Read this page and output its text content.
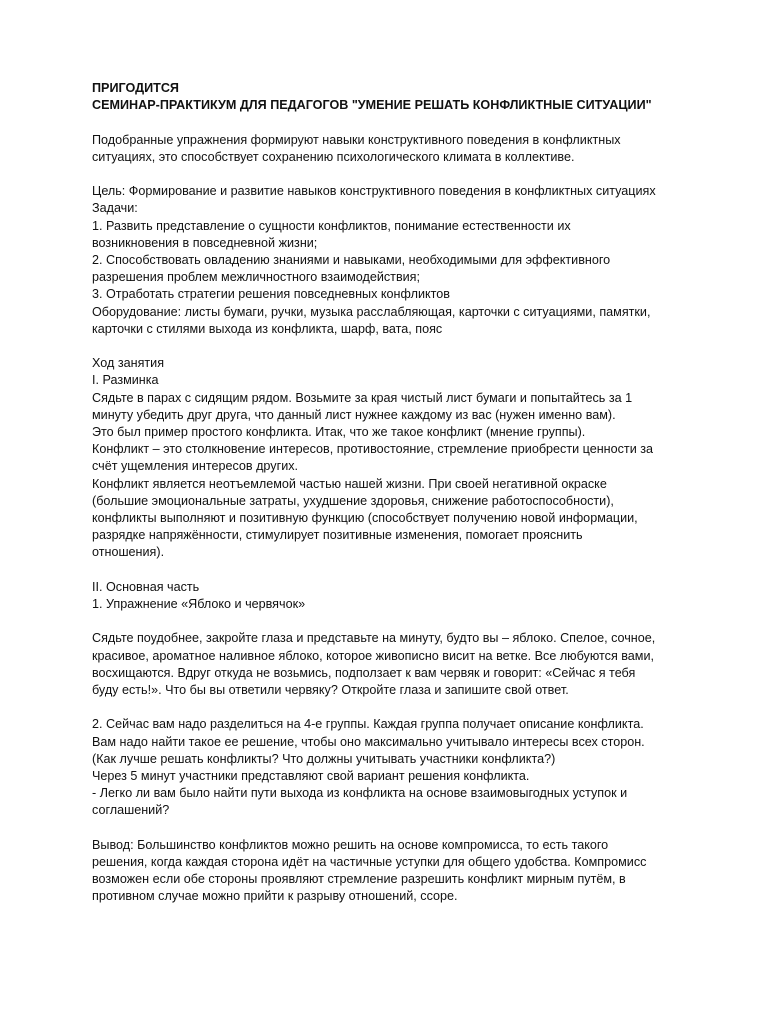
ПРИГОДИТСЯ
СЕМИНАР-ПРАКТИКУМ ДЛЯ ПЕДАГОГОВ "УМЕНИЕ РЕШАТЬ КОНФЛИКТНЫЕ СИТУАЦИИ"
Подобранные упражнения формируют навыки конструктивного поведения в конфликтных
ситуациях, это способствует сохранению психологического климата в коллективе.
Цель: Формирование и развитие навыков конструктивного поведения в конфликтных ситуациях
Задачи:
1. Развить представление о сущности конфликтов, понимание естественности их
возникновения в повседневной жизни;
2. Способствовать овладению знаниями и навыками, необходимыми для эффективного
разрешения проблем межличностного взаимодействия;
3. Отработать стратегии решения повседневных конфликтов
Оборудование: листы бумаги, ручки, музыка расслабляющая, карточки с ситуациями, памятки,
карточки с стилями выхода из конфликта, шарф, вата, пояс
Ход занятия
I. Разминка
Сядьте в парах с сидящим рядом. Возьмите за края чистый лист бумаги и попытайтесь за 1
минуту убедить друг друга, что данный лист нужнее каждому из вас (нужен именно вам).
Это был пример простого конфликта. Итак, что же такое конфликт (мнение группы).
Конфликт – это столкновение интересов, противостояние, стремление приобрести ценности за
счёт ущемления интересов других.
Конфликт является неотъемлемой частью нашей жизни. При своей негативной окраске
(большие эмоциональные затраты, ухудшение здоровья, снижение работоспособности),
конфликты выполняют и позитивную функцию (способствует получению новой информации,
разрядке напряжённости, стимулирует позитивные изменения, помогает прояснить
отношения).
II. Основная часть
1. Упражнение «Яблоко и червячок»
Сядьте поудобнее, закройте глаза и представьте на минуту, будто вы – яблоко. Спелое, сочное,
красивое, ароматное наливное яблоко, которое живописно висит на ветке. Все любуются вами,
восхищаются. Вдруг откуда не возьмись, подползает к вам червяк и говорит: «Сейчас я тебя
буду есть!». Что бы вы ответили червяку? Откройте глаза и запишите свой ответ.
2. Сейчас вам надо разделиться на 4-е группы. Каждая группа получает описание конфликта.
Вам надо найти такое ее решение, чтобы оно максимально учитывало интересы всех сторон.
(Как лучше решать конфликты? Что должны учитывать участники конфликта?)
Через 5 минут участники представляют свой вариант решения конфликта.
- Легко ли вам было найти пути выхода из конфликта на основе взаимовыгодных уступок и
соглашений?
Вывод: Большинство конфликтов можно решить на основе компромисса, то есть такого
решения, когда каждая сторона идёт на частичные уступки для общего удобства. Компромисс
возможен если обе стороны проявляют стремление разрешить конфликт мирным путём, в
противном случае можно прийти к разрыву отношений, ссоре.
